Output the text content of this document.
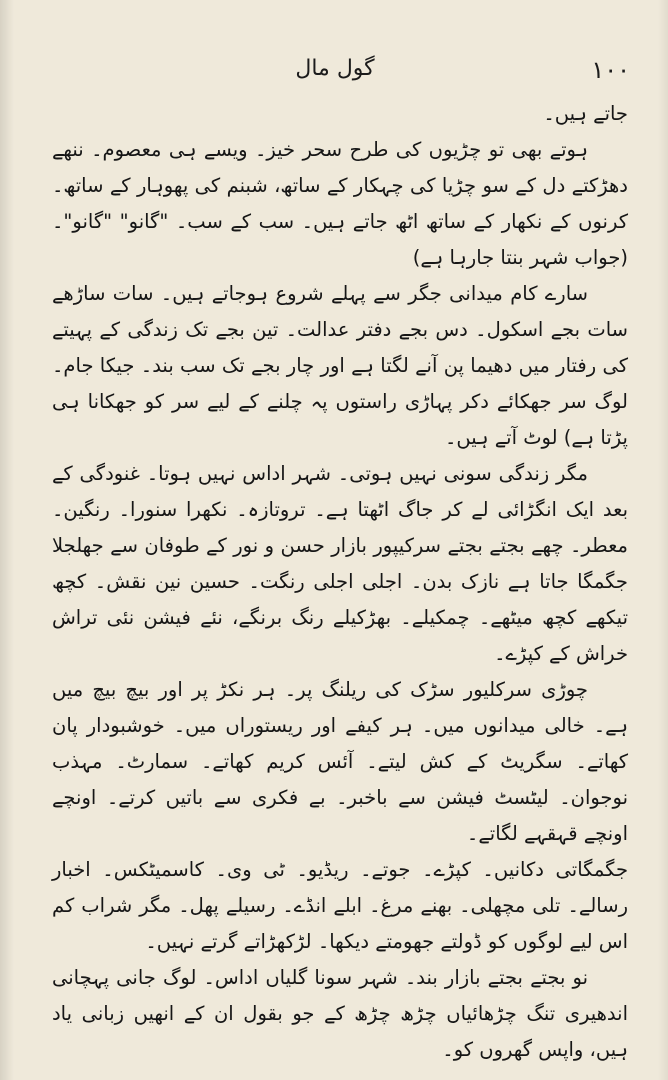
گول مال	۱۰۰

جاتے ہیں۔

ہوتے بھی تو چڑیوں کی طرح سحر خیز۔ ویسے ہی معصوم۔ ننھے دھڑکتے دل کے سو چڑیا کی چہکار کے ساتھ، شبنم کی پھوہار کے ساتھ۔ کرنوں کے نکھار کے ساتھ اٹھ جاتے ہیں۔ سب کے سب۔ "گانو" "گانو"۔ (جواب شہر بنتا جارہا ہے)

سارے کام میدانی جگر سے پہلے شروع ہوجاتے ہیں۔ سات ساڑھے سات بجے اسکول۔ دس بجے دفتر عدالت۔ تین بجے تک زندگی کے پہیتے کی رفتار میں دھیما پن آنے لگتا ہے اور چار بجے تک سب بند۔ جیکا جام۔ لوگ سر جھکائے دکر پہاڑی راستوں پہ چلنے کے لیے سر کو جھکانا ہی پڑتا ہے) لوٹ آتے ہیں۔

مگر زندگی سونی نہیں ہوتی۔ شہر اداس نہیں ہوتا۔ غنودگی کے بعد ایک انگڑائی لے کر جاگ اٹھتا ہے۔ تروتازہ۔ نکھرا سنورا۔ رنگین۔ معطر۔ چھے بجتے بجتے سرکیپور بازار حسن و نور کے طوفان سے جھلجلا جگمگا جاتا ہے نازک بدن۔ اجلی اجلی رنگت۔ حسین نین نقش۔ کچھ تیکھے کچھ میٹھے۔ چمکیلے۔ بھڑکیلے رنگ برنگے، نئے فیشن نئی تراش خراش کے کپڑے۔

چوڑی سرکلیور سڑک کی ریلنگ پر۔ ہر نکڑ پر اور بیچ بیچ میں ہے۔ خالی میدانوں میں۔ ہر کیفے اور ریستوراں میں۔ خوشبودار پان کھاتے۔ سگریٹ کے کش لیتے۔ آئس کریم کھاتے۔ سمارٹ۔ مہذب نوجوان۔ لیٹسٹ فیشن سے باخبر۔ بے فکری سے باتیں کرتے۔ اونچے اونچے قہقہے لگاتے۔

جگمگاتی دکانیں۔ کپڑے۔ جوتے۔ ریڈیو۔ ٹی وی۔ کاسمیٹکس۔ اخبار رسالے۔ تلی مچھلی۔ بھنے مرغ۔ ابلے انڈے۔ رسیلے پھل۔ مگر شراب کم اس لیے لوگوں کو ڈولتے جھومتے دیکھا۔ لڑکھڑاتے گرتے نہیں۔

نو بجتے بجتے بازار بند۔ شہر سونا گلیاں اداس۔ لوگ جانی پہچانی اندھیری تنگ چڑھائیاں چڑھ چڑھ کے جو بقول ان کے انھیں زبانی یاد ہیں، واپس گھروں کو۔
